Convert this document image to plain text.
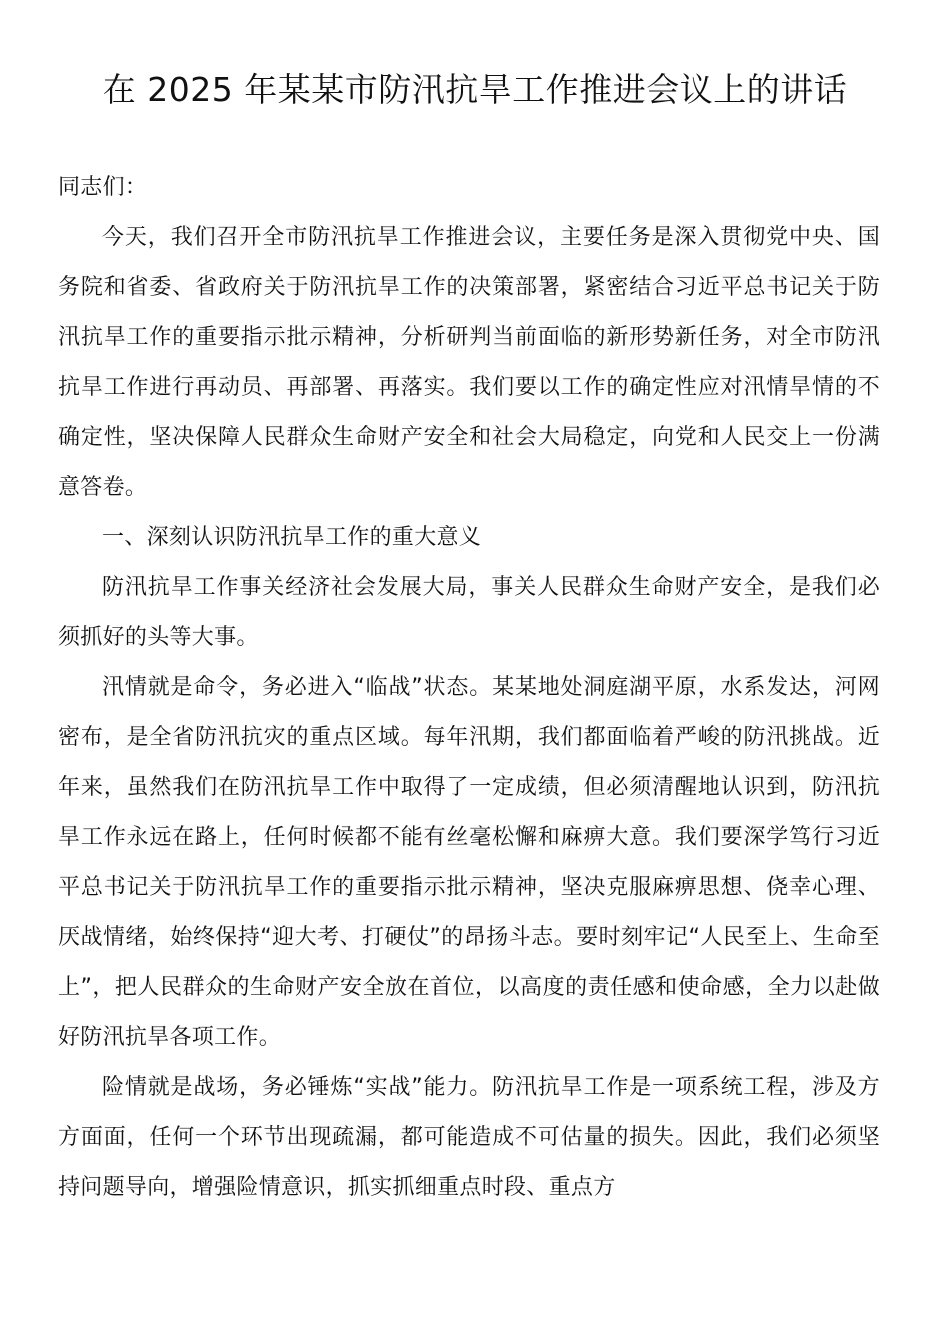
在 2025 年某某市防汛抗旱工作推进会议上的讲话

同志们：

今天，我们召开全市防汛抗旱工作推进会议，主要任务是深入贯彻党中央、国务院和省委、省政府关于防汛抗旱工作的决策部署，紧密结合习近平总书记关于防汛抗旱工作的重要指示批示精神，分析研判当前面临的新形势新任务，对全市防汛抗旱工作进行再动员、再部署、再落实。我们要以工作的确定性应对汛情旱情的不确定性，坚决保障人民群众生命财产安全和社会大局稳定，向党和人民交上一份满意答卷。

一、深刻认识防汛抗旱工作的重大意义

防汛抗旱工作事关经济社会发展大局，事关人民群众生命财产安全，是我们必须抓好的头等大事。

汛情就是命令，务必进入“临战”状态。某某地处洞庭湖平原，水系发达，河网密布，是全省防汛抗灾的重点区域。每年汛期，我们都面临着严峻的防汛挑战。近年来，虽然我们在防汛抗旱工作中取得了一定成绩，但必须清醒地认识到，防汛抗旱工作永远在路上，任何时候都不能有丝毫松懈和麻痹大意。我们要深学笃行习近平总书记关于防汛抗旱工作的重要指示批示精神，坚决克服麻痹思想、侥幸心理、厌战情绪，始终保持“迎大考、打硬仗”的昂扬斗志。要时刻牢记“人民至上、生命至上”，把人民群众的生命财产安全放在首位，以高度的责任感和使命感，全力以赴做好防汛抗旱各项工作。

险情就是战场，务必锤炼“实战”能力。防汛抗旱工作是一项系统工程，涉及方方面面，任何一个环节出现疏漏，都可能造成不可估量的损失。因此，我们必须坚持问题导向，增强险情意识，抓实抓细重点时段、重点方
